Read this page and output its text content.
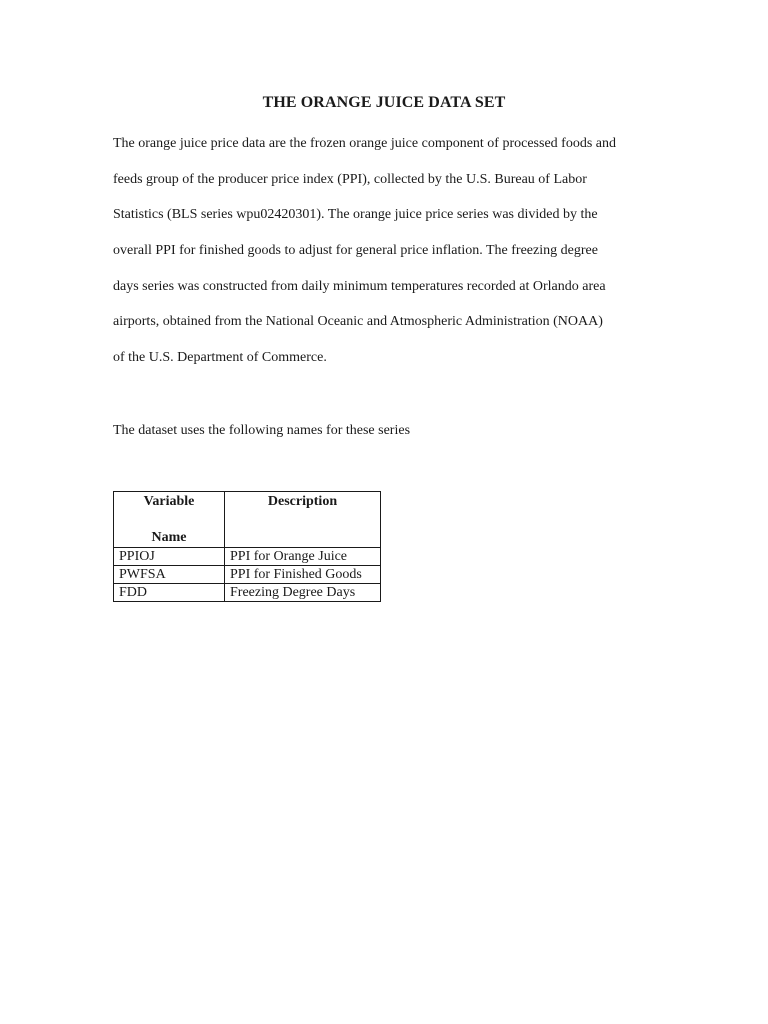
THE ORANGE JUICE DATA SET
The orange juice price data are the frozen orange juice component of processed foods and
feeds group of the producer price index (PPI), collected by the U.S. Bureau of Labor
Statistics (BLS series wpu02420301). The orange juice price series was divided by the
overall PPI for finished goods to adjust for general price inflation. The freezing degree
days series was constructed from daily minimum temperatures recorded at Orlando area
airports, obtained from the National Oceanic and Atmospheric Administration (NOAA)
of the U.S. Department of Commerce.

The dataset uses the following names for these series

Variable
Name	Description
PPIOJ	PPI for Orange Juice
PWFSA	PPI for Finished Goods
FDD	Freezing Degree Days
